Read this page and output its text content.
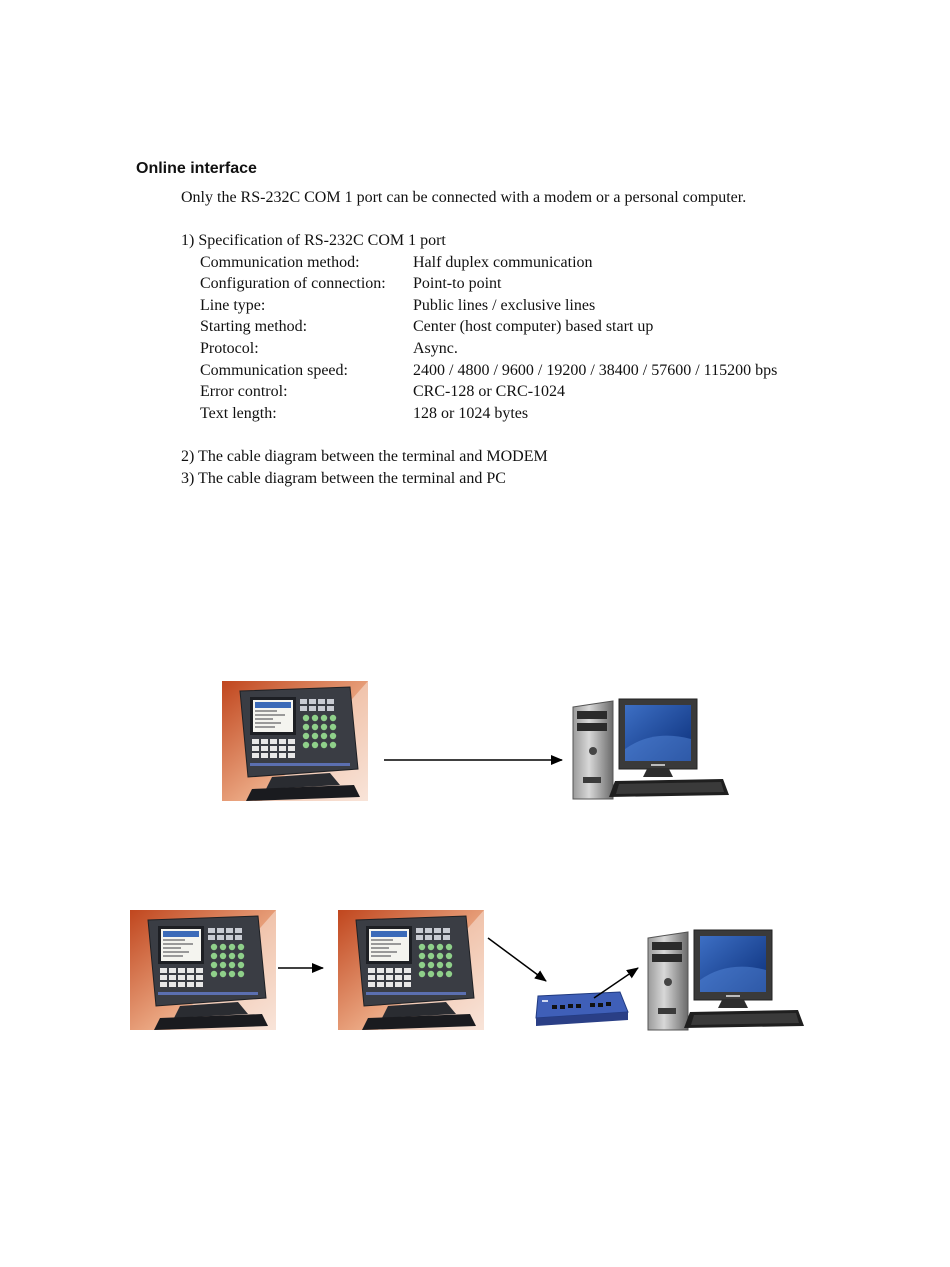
Online interface
Only the RS-232C COM 1 port can be connected with a modem or a personal computer.
1) Specification of RS-232C COM 1 port
Communication method:	Half duplex communication
Configuration of connection: Point-to point
Line type:	Public lines / exclusive lines
Starting method:	Center (host computer) based start up
Protocol:	Async.
Communication speed:	2400 / 4800 / 9600 / 19200 / 38400 / 57600 / 115200 bps
Error control:	CRC-128 or CRC-1024
Text length:	128 or 1024 bytes
2) The cable diagram between the terminal and MODEM
3) The cable diagram between the terminal and PC
